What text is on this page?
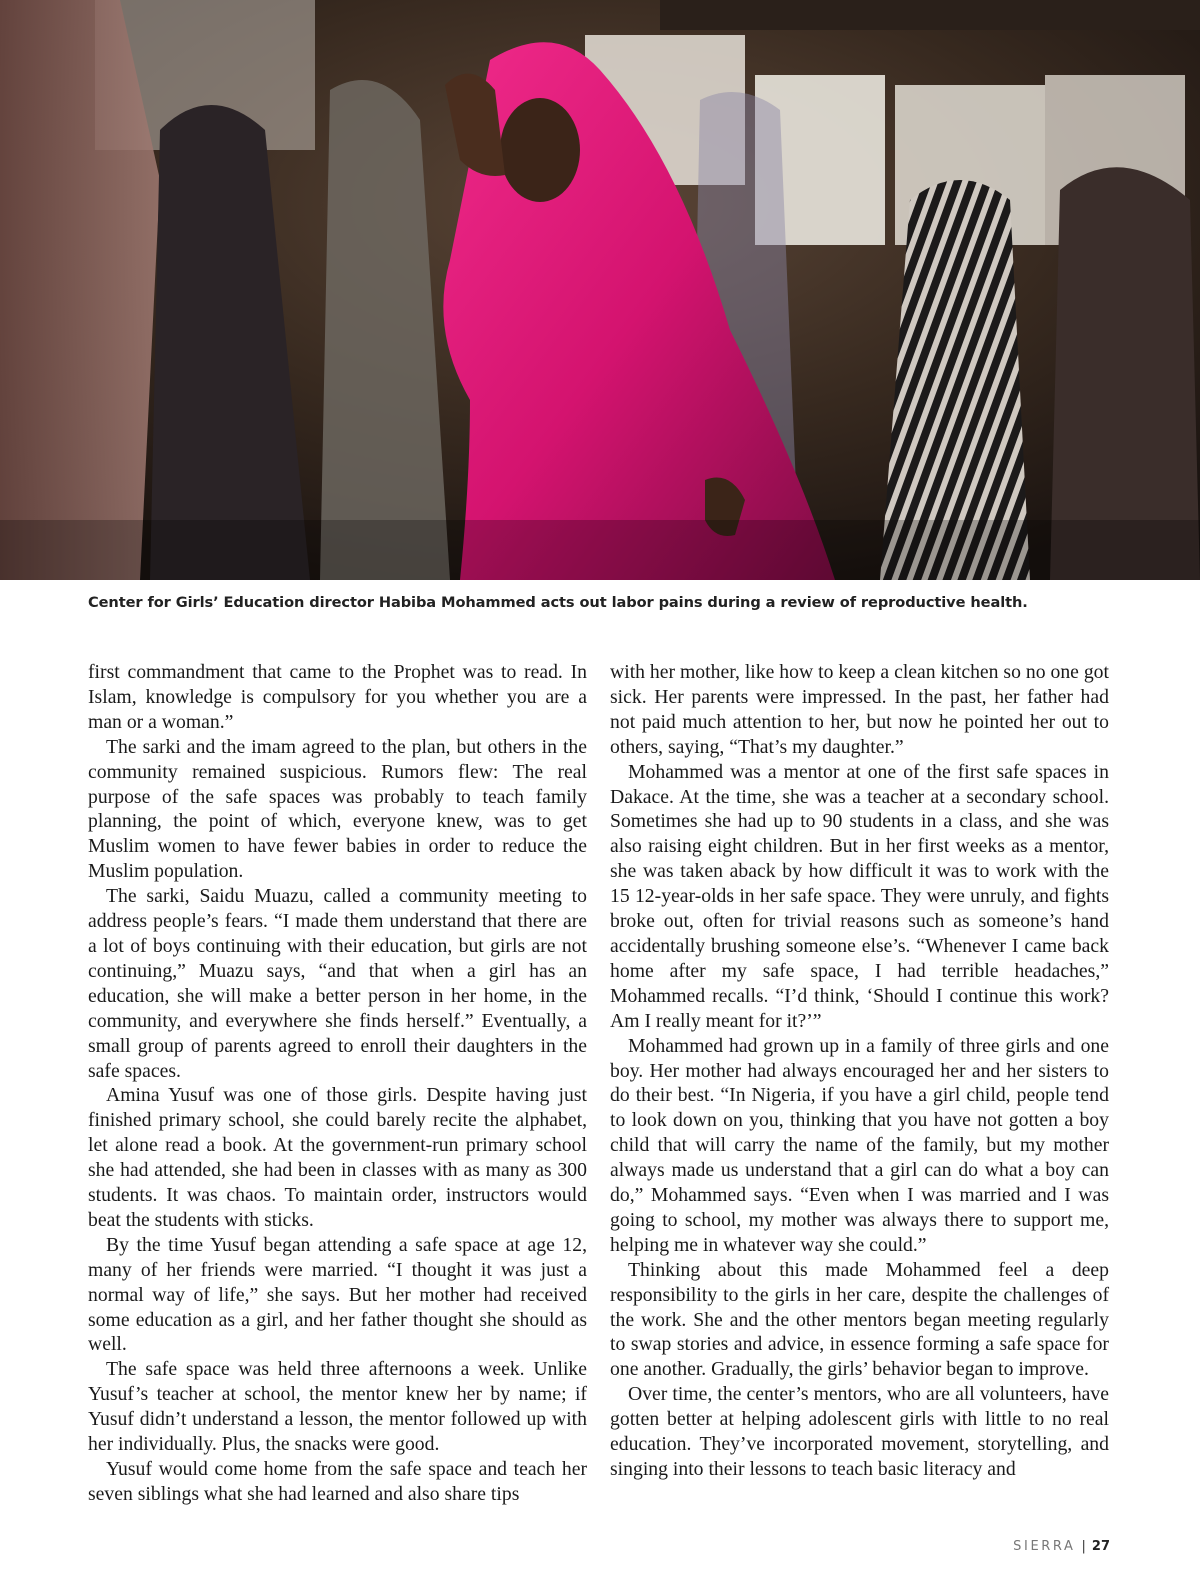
Center for Girls’ Education director Habiba Mohammed acts out labor pains during a review of reproductive health.

first commandment that came to the Prophet was to read. In Islam, knowledge is compulsory for you whether you are a man or a woman.”

The sarki and the imam agreed to the plan, but others in the community remained suspicious. Rumors flew: The real purpose of the safe spaces was probably to teach family planning, the point of which, everyone knew, was to get Muslim women to have fewer babies in order to reduce the Muslim population.

The sarki, Saidu Muazu, called a community meeting to address people’s fears. “I made them understand that there are a lot of boys continuing with their education, but girls are not continuing,” Muazu says, “and that when a girl has an education, she will make a better person in her home, in the community, and everywhere she finds herself.” Eventually, a small group of parents agreed to enroll their daughters in the safe spaces.

Amina Yusuf was one of those girls. Despite having just finished primary school, she could barely recite the alphabet, let alone read a book. At the government-run primary school she had attended, she had been in classes with as many as 300 students. It was chaos. To maintain order, instructors would beat the students with sticks.

By the time Yusuf began attending a safe space at age 12, many of her friends were married. “I thought it was just a normal way of life,” she says. But her mother had received some education as a girl, and her father thought she should as well.

The safe space was held three afternoons a week. Unlike Yusuf’s teacher at school, the mentor knew her by name; if Yusuf didn’t understand a lesson, the mentor followed up with her individually. Plus, the snacks were good.

Yusuf would come home from the safe space and teach her seven siblings what she had learned and also share tips

with her mother, like how to keep a clean kitchen so no one got sick. Her parents were impressed. In the past, her father had not paid much attention to her, but now he pointed her out to others, saying, “That’s my daughter.”

Mohammed was a mentor at one of the first safe spaces in Dakace. At the time, she was a teacher at a secondary school. Sometimes she had up to 90 students in a class, and she was also raising eight children. But in her first weeks as a mentor, she was taken aback by how difficult it was to work with the 15 12-year-olds in her safe space. They were unruly, and fights broke out, often for trivial reasons such as someone’s hand accidentally brushing someone else’s. “Whenever I came back home after my safe space, I had terrible headaches,” Mohammed recalls. “I’d think, ‘Should I continue this work? Am I really meant for it?’”

Mohammed had grown up in a family of three girls and one boy. Her mother had always encouraged her and her sisters to do their best. “In Nigeria, if you have a girl child, people tend to look down on you, thinking that you have not gotten a boy child that will carry the name of the family, but my mother always made us understand that a girl can do what a boy can do,” Mohammed says. “Even when I was married and I was going to school, my mother was always there to support me, helping me in whatever way she could.”

Thinking about this made Mohammed feel a deep responsibility to the girls in her care, despite the challenges of the work. She and the other mentors began meeting regularly to swap stories and advice, in essence forming a safe space for one another. Gradually, the girls’ behavior began to improve.

Over time, the center’s mentors, who are all volunteers, have gotten better at helping adolescent girls with little to no real education. They’ve incorporated movement, storytelling, and singing into their lessons to teach basic literacy and

SIERRA | 27
